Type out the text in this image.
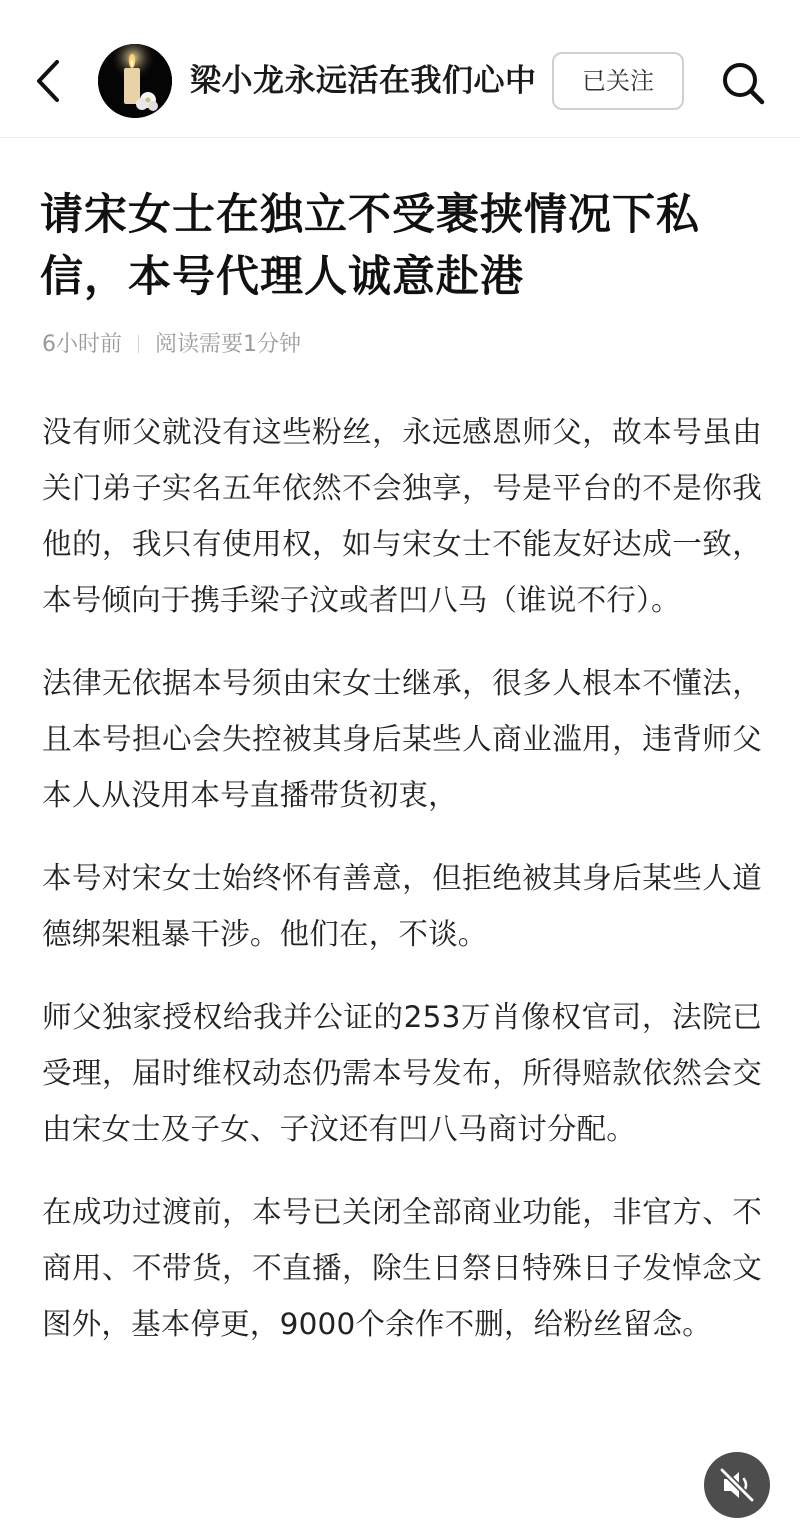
梁小龙永远活在我们心中	已关注
请宋女士在独立不受裹挟情况下私信，本号代理人诚意赴港
6小时前 阅读需要1分钟

没有师父就没有这些粉丝，永远感恩师父，故本号虽由关门弟子实名五年依然不会独享，号是平台的不是你我他的，我只有使用权，如与宋女士不能友好达成一致，本号倾向于携手梁子汶或者凹八马（谁说不行）。

法律无依据本号须由宋女士继承，很多人根本不懂法，且本号担心会失控被其身后某些人商业滥用，违背师父本人从没用本号直播带货初衷，

本号对宋女士始终怀有善意，但拒绝被其身后某些人道德绑架粗暴干涉。他们在，不谈。

师父独家授权给我并公证的253万肖像权官司，法院已受理，届时维权动态仍需本号发布，所得赔款依然会交由宋女士及子女、子汶还有凹八马商讨分配。

在成功过渡前，本号已关闭全部商业功能，非官方、不商用、不带货，不直播，除生日祭日特殊日子发悼念文图外，基本停更，9000个余作不删，给粉丝留念。
